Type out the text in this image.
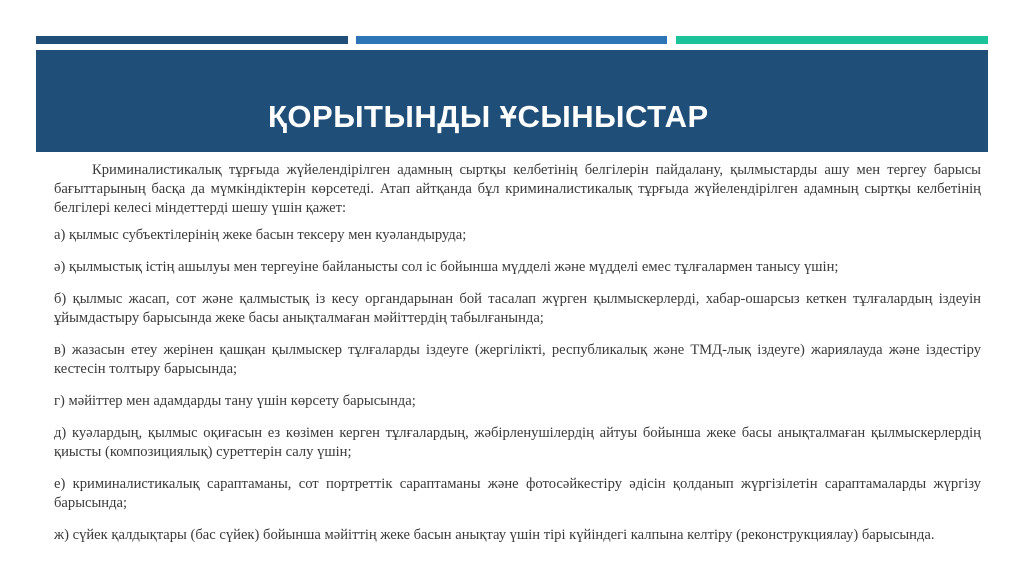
ҚОРЫТЫНДЫ ҰСЫНЫСТАР

Криминалистикалық тұрғыда жүйелендірілген адамның сыртқы келбетінің белгілерін пайдалану, қылмыстарды ашу мен тергеу барысы бағыттарының басқа да мүмкіндіктерін көрсетеді. Атап айтқанда бұл криминалистикалық тұрғыда жүйелендірілген адамның сыртқы келбетінің белгілері келесі міндеттерді шешу үшін қажет:

а) қылмыс субъектілерінің жеке басын тексеру мен куәландыруда;

ә) қылмыстық істің ашылуы мен тергеуіне байланысты сол іс бойынша мүдделі және мүдделі емес тұлғалармен танысу үшін;

б) қылмыс жасап, сот және қалмыстық із кесу органдарынан бой тасалап жүрген қылмыскерлерді, хабар-ошарсыз кеткен тұлғалардың іздеуін ұйымдастыру барысында жеке басы анықталмаған мәйіттердің табылғанында;

в) жазасын етеу жерінен қашқан қылмыскер тұлғаларды іздеуге (жергілікті, республикалық және ТМД-лық іздеуге) жариялауда және іздестіру кестесін толтыру барысында;

г) мәйіттер мен адамдарды тану үшін көрсету барысында;

д) куәлардың, қылмыс оқиғасын ез көзімен керген тұлғалардың, жәбірленушілердің айтуы бойынша жеке басы анықталмаған қылмыскерлердің қиысты (композициялық) суреттерін салу үшін;

е) криминалистикалық сараптаманы, сот портреттік сараптаманы және фотосәйкестіру әдісін қолданып жүргізілетін сараптамаларды жүргізу барысында;

ж) сүйек қалдықтары (бас сүйек) бойынша мәйіттің жеке басын анықтау үшін тірі күйіндегі калпына келтіру (реконструкциялау) барысында.
